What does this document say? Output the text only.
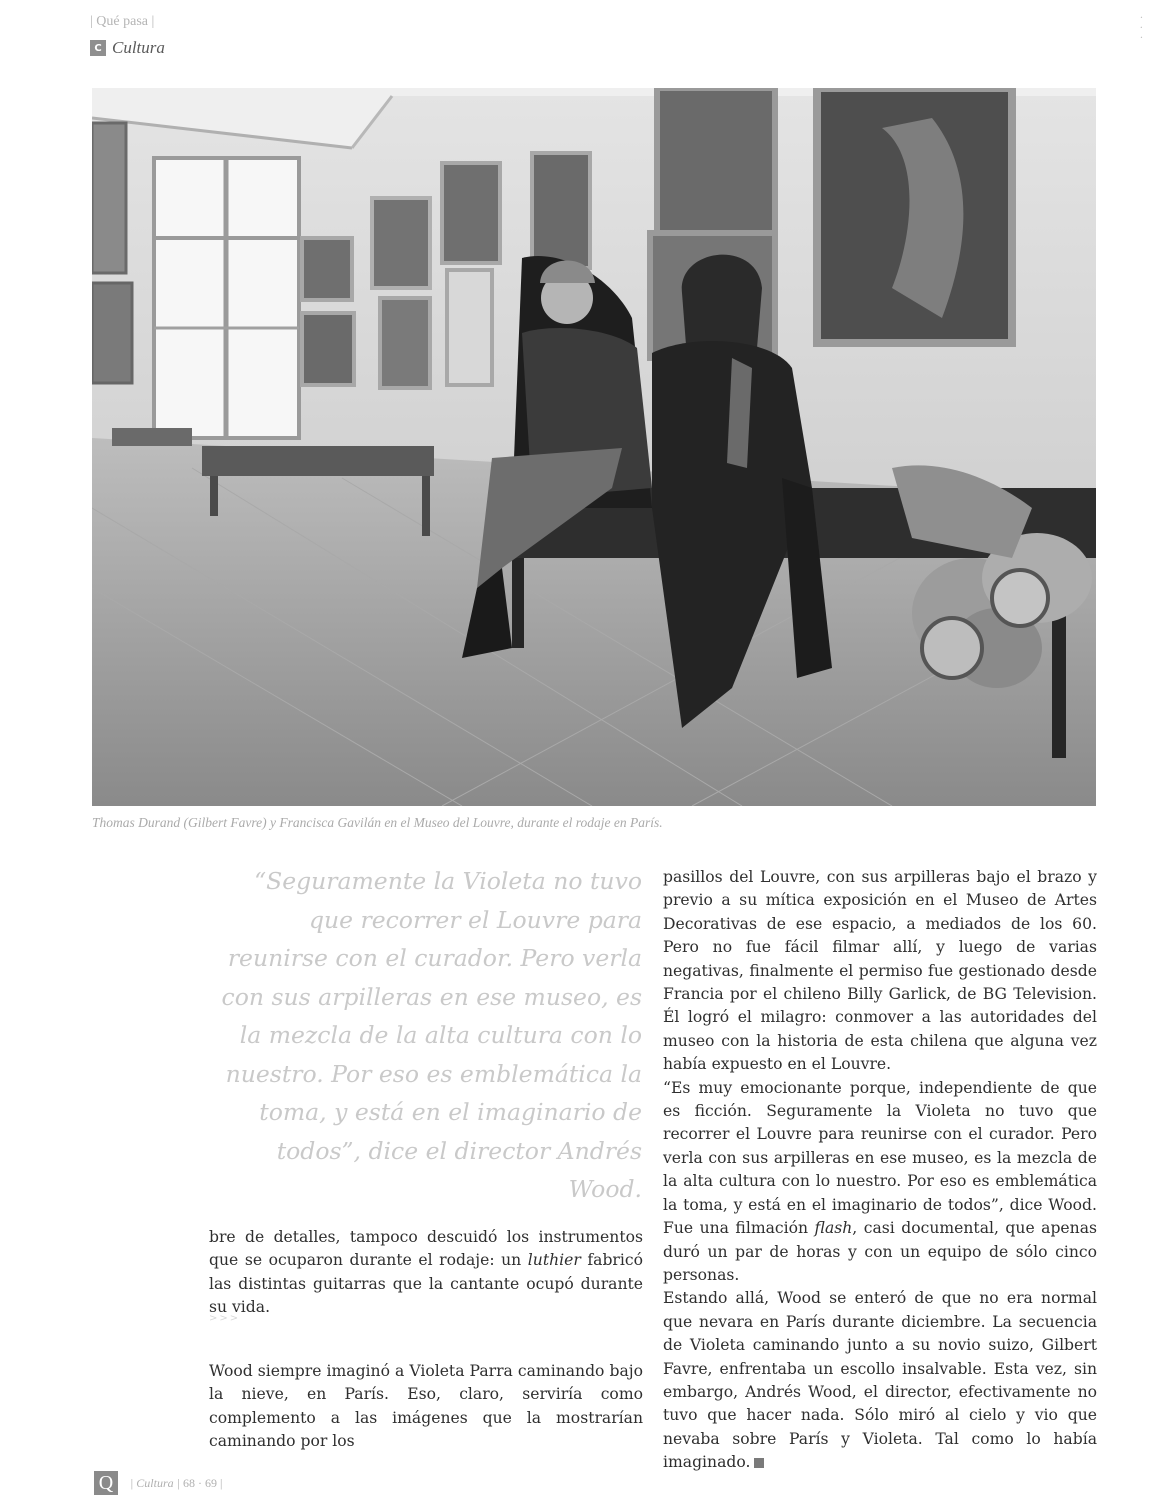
| Qué pasa |
C Cultura
·
·
·
Thomas Durand (Gilbert Favre) y Francisca Gavilán en el Museo del Louvre, durante el rodaje en París.
“Seguramente la Violeta no tuvo que recorrer el Louvre para reunirse con el curador. Pero verla con sus arpilleras en ese museo, es la mezcla de la alta cultura con lo nuestro. Por eso es emblemática la toma, y está en el imaginario de todos”, dice el director Andrés Wood.

bre de detalles, tampoco descuidó los instrumentos que se ocuparon durante el rodaje: un luthier fabricó las distintas guitarras que la cantante ocupó durante su vida.

>>>

Wood siempre imaginó a Violeta Parra caminando bajo la nieve, en París. Eso, claro, serviría como complemento a las imágenes que la mostrarían caminando por los

pasillos del Louvre, con sus arpilleras bajo el brazo y previo a su mítica exposición en el Museo de Artes Decorativas de ese espacio, a mediados de los 60. Pero no fue fácil filmar allí, y luego de varias negativas, finalmente el permiso fue gestionado desde Francia por el chileno Billy Garlick, de BG Television. Él logró el milagro: conmover a las autoridades del museo con la historia de esta chilena que alguna vez había expuesto en el Louvre.

“Es muy emocionante porque, independiente de que es ficción. Seguramente la Violeta no tuvo que recorrer el Louvre para reunirse con el curador. Pero verla con sus arpilleras en ese museo, es la mezcla de la alta cultura con lo nuestro. Por eso es emblemática la toma, y está en el imaginario de todos”, dice Wood. Fue una filmación flash, casi documental, que apenas duró un par de horas y con un equipo de sólo cinco personas.

Estando allá, Wood se enteró de que no era normal que nevara en París durante diciembre. La secuencia de Violeta caminando junto a su novio suizo, Gilbert Favre, enfrentaba un escollo insalvable. Esta vez, sin embargo, Andrés Wood, el director, efectivamente no tuvo que hacer nada. Sólo miró al cielo y vio que nevaba sobre París y Violeta. Tal como lo había imaginado.

Q	| Cultura | 68 · 69 |
